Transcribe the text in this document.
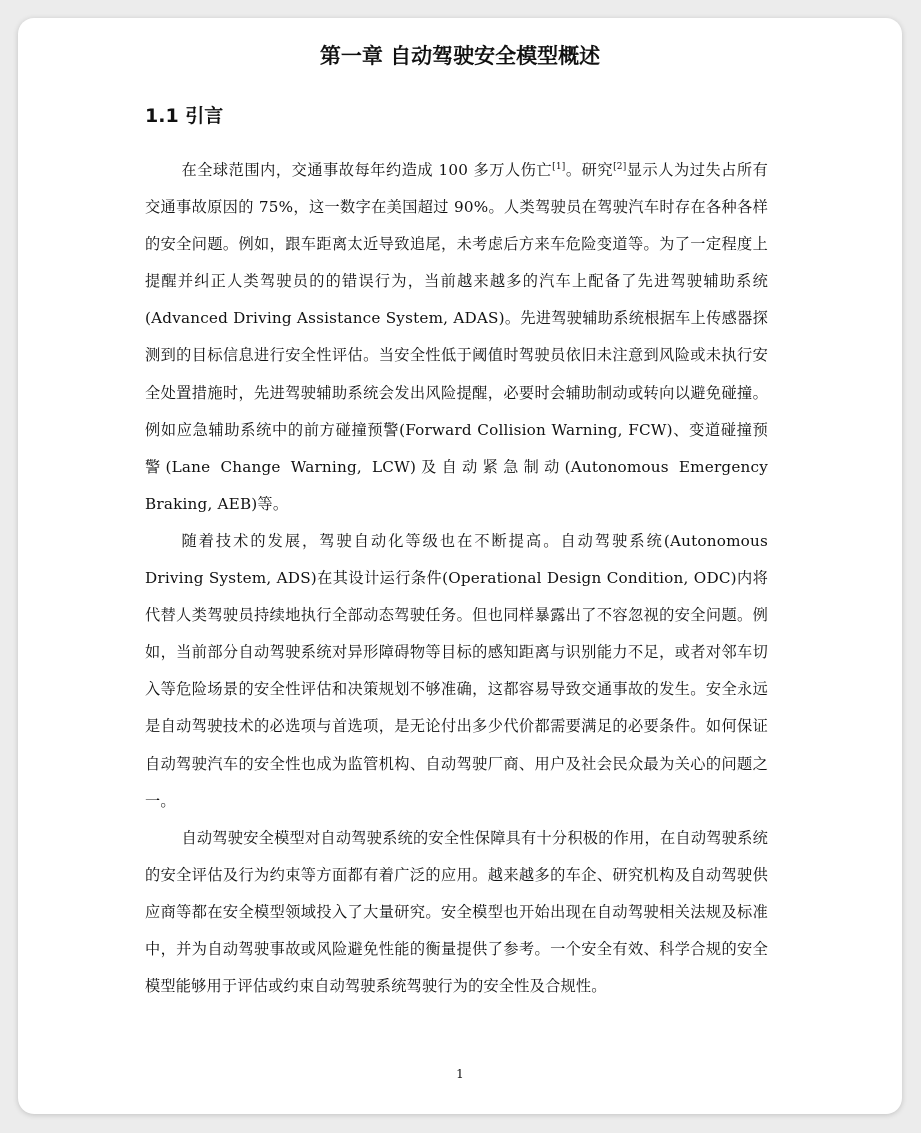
第一章 自动驾驶安全模型概述
1.1 引言

在全球范围内，交通事故每年约造成 100 多万人伤亡[1]。研究[2]显示人为过失占所有交通事故原因的 75%，这一数字在美国超过 90%。人类驾驶员在驾驶汽车时存在各种各样的安全问题。例如，跟车距离太近导致追尾，未考虑后方来车危险变道等。为了一定程度上提醒并纠正人类驾驶员的的错误行为，当前越来越多的汽车上配备了先进驾驶辅助系统(Advanced Driving Assistance System, ADAS)。先进驾驶辅助系统根据车上传感器探测到的目标信息进行安全性评估。当安全性低于阈值时驾驶员依旧未注意到风险或未执行安全处置措施时，先进驾驶辅助系统会发出风险提醒，必要时会辅助制动或转向以避免碰撞。例如应急辅助系统中的前方碰撞预警(Forward Collision Warning, FCW)、变道碰撞预警(Lane Change Warning, LCW)及自动紧急制动(Autonomous Emergency Braking, AEB)等。

随着技术的发展，驾驶自动化等级也在不断提高。自动驾驶系统(Autonomous Driving System, ADS)在其设计运行条件(Operational Design Condition, ODC)内将代替人类驾驶员持续地执行全部动态驾驶任务。但也同样暴露出了不容忽视的安全问题。例如，当前部分自动驾驶系统对异形障碍物等目标的感知距离与识别能力不足，或者对邻车切入等危险场景的安全性评估和决策规划不够准确，这都容易导致交通事故的发生。安全永远是自动驾驶技术的必选项与首选项，是无论付出多少代价都需要满足的必要条件。如何保证自动驾驶汽车的安全性也成为监管机构、自动驾驶厂商、用户及社会民众最为关心的问题之一。

自动驾驶安全模型对自动驾驶系统的安全性保障具有十分积极的作用，在自动驾驶系统的安全评估及行为约束等方面都有着广泛的应用。越来越多的车企、研究机构及自动驾驶供应商等都在安全模型领域投入了大量研究。安全模型也开始出现在自动驾驶相关法规及标准中，并为自动驾驶事故或风险避免性能的衡量提供了参考。一个安全有效、科学合规的安全模型能够用于评估或约束自动驾驶系统驾驶行为的安全性及合规性。

1
